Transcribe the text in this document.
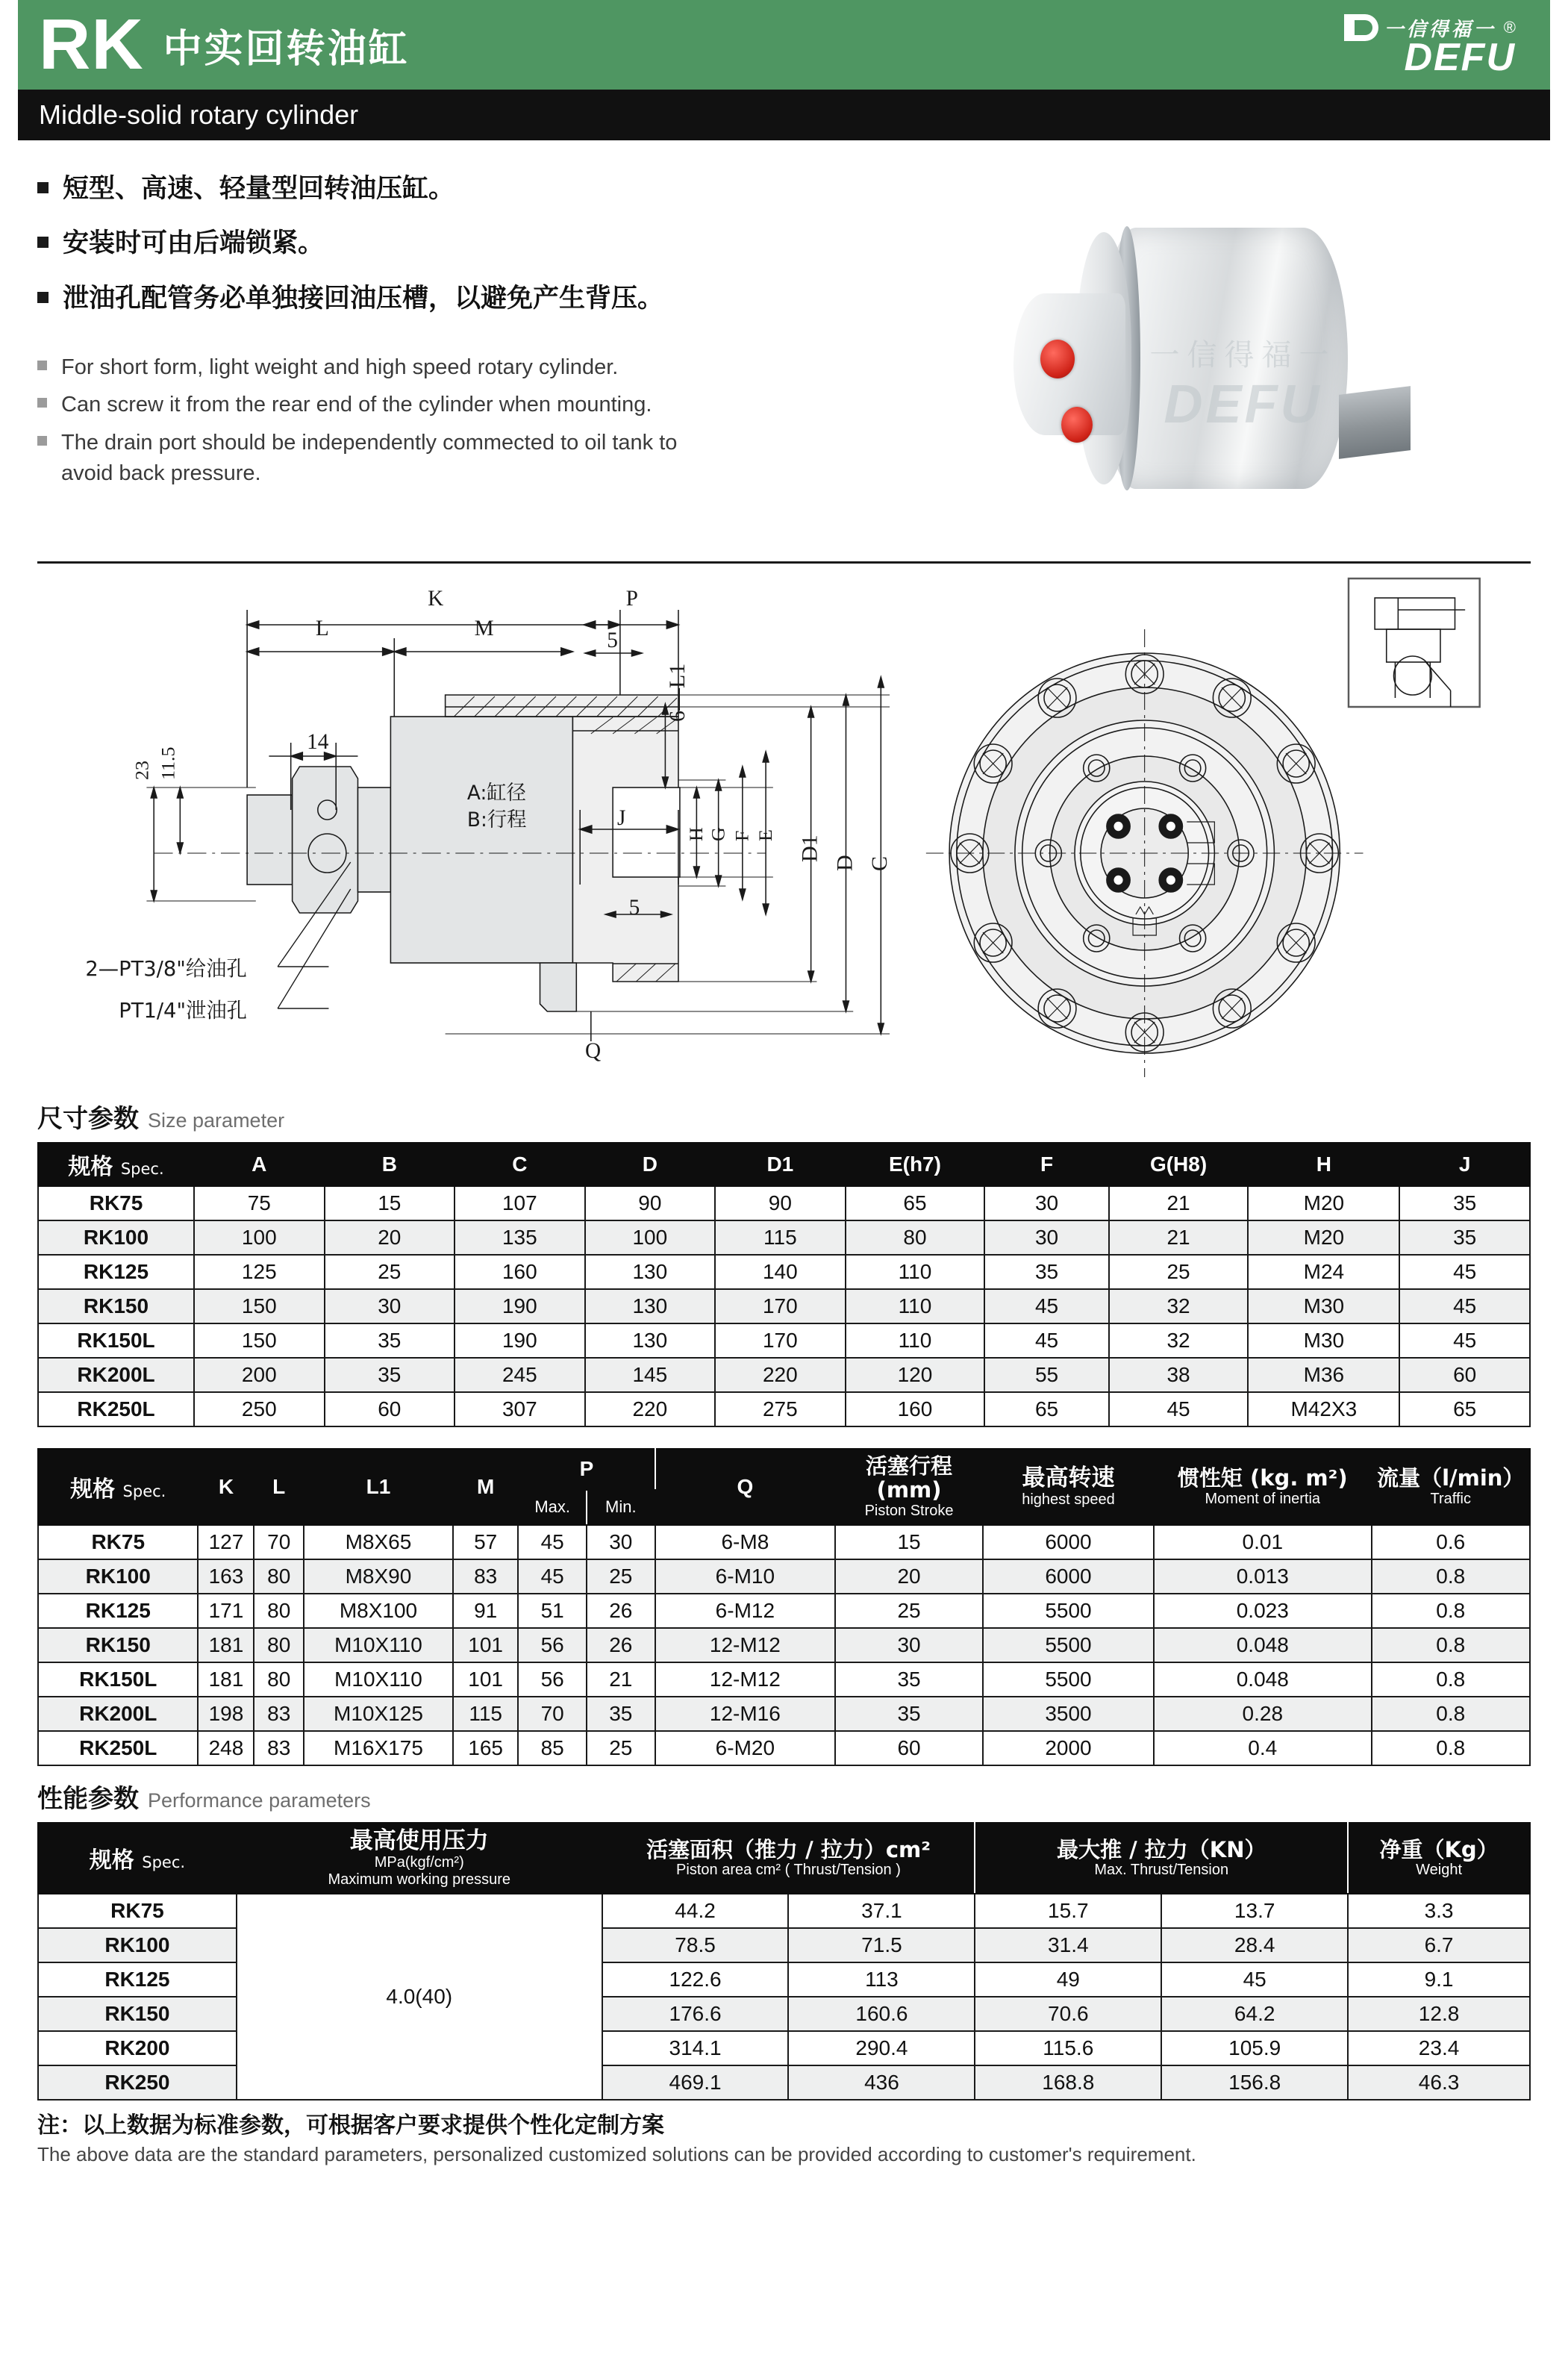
RK 中实回转油缸	一信得福一 ®
DEFU
Middle-solid rotary cylinder
短型、高速、轻量型回转油压缸。
安装时可由后端锁紧。
泄油孔配管务必单独接回油压槽，以避免产生背压。
For short form, light weight and high speed rotary cylinder.
Can screw it from the rear end of the cylinder when mounting.
The drain port should be independently commected to oil tank to avoid back pressure.
一信得福一
DEFU
K
L	M
P
5
5
14
J
6—L1
11.5
23
H G F E D1
D C
Q
A:缸径
B:行程
2—PT3/8"给油孔
PT1/4"泄油孔
尺寸参数 Size parameter
规格 Spec.	A	B	C	D	D1	E(h7)	F	G(H8)	H	J
RK75	75	15	107	90	90	65	30	21	M20	35
RK100	100	20	135	100	115	80	30	21	M20	35
RK125	125	25	160	130	140	110	35	25	M24	45
RK150	150	30	190	130	170	110	45	32	M30	45
RK150L	150	35	190	130	170	110	45	32	M30	45
RK200L	200	35	245	145	220	120	55	38	M36	60
RK250L	250	60	307	220	275	160	65	45	M42X3	65
规格 Spec.	K	L	L1	M	P		Q	活塞行程
(mm)
Piston Stroke	最高转速
highest speed	惯性矩 (kg. m²)
Moment of inertia	流量（l/min）
Traffic

					Max.	Min.					
RK75	127	70	M8X65	57	45	30	6-M8	15	6000	0.01	0.6
RK100	163	80	M8X90	83	45	25	6-M10	20	6000	0.013	0.8
RK125	171	80	M8X100	91	51	26	6-M12	25	5500	0.023	0.8
RK150	181	80	M10X110	101	56	26	12-M12	30	5500	0.048	0.8
RK150L	181	80	M10X110	101	56	21	12-M12	35	5500	0.048	0.8
RK200L	198	83	M10X125	115	70	35	12-M16	35	3500	0.28	0.8
RK250L	248	83	M16X175	165	85	25	6-M20	60	2000	0.4	0.8
性能参数 Performance parameters
规格 Spec.	最高使用压力
MPa(kgf/cm²)
Maximum working pressure	活塞面积（推力 / 拉力）cm²
Piston area cm² ( Thrust/Tension )		最大推 / 拉力（KN）
Max. Thrust/Tension		净重（Kg）
Weight

RK75	4.0(40)	44.2	37.1	15.7	13.7	3.3
RK100		78.5	71.5	31.4	28.4	6.7
RK125		122.6	113	49	45	9.1
RK150		176.6	160.6	70.6	64.2	12.8
RK200		314.1	290.4	115.6	105.9	23.4
RK250		469.1	436	168.8	156.8	46.3
注：以上数据为标准参数，可根据客户要求提供个性化定制方案
The above data are the standard parameters, personalized customized solutions can be provided according to customer's requirement.
